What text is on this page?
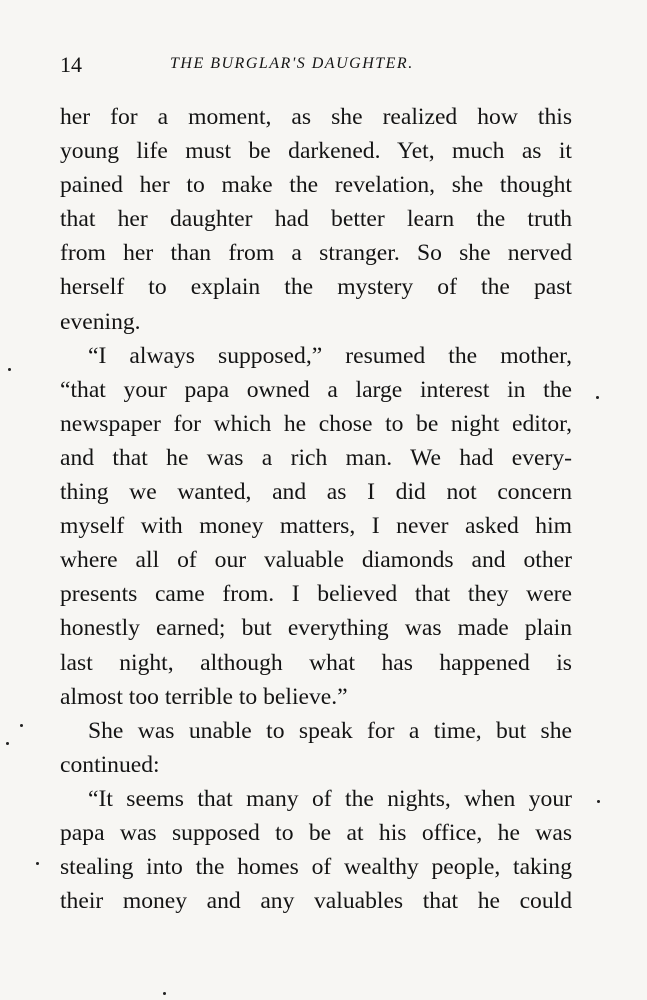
14	THE BURGLAR'S DAUGHTER.
her for a moment, as she realized how this
young life must be darkened. Yet, much as it
pained her to make the revelation, she thought
that her daughter had better learn the truth
from her than from a stranger. So she nerved
herself to explain the mystery of the past
evening.
“I always supposed,” resumed the mother,
“that your papa owned a large interest in the
newspaper for which he chose to be night editor,
and that he was a rich man. We had every-
thing we wanted, and as I did not concern
myself with money matters, I never asked him
where all of our valuable diamonds and other
presents came from. I believed that they were
honestly earned; but everything was made plain
last night, although what has happened is
almost too terrible to believe.”
She was unable to speak for a time, but she
continued:
“It seems that many of the nights, when your
papa was supposed to be at his office, he was
stealing into the homes of wealthy people, taking
their money and any valuables that he could
